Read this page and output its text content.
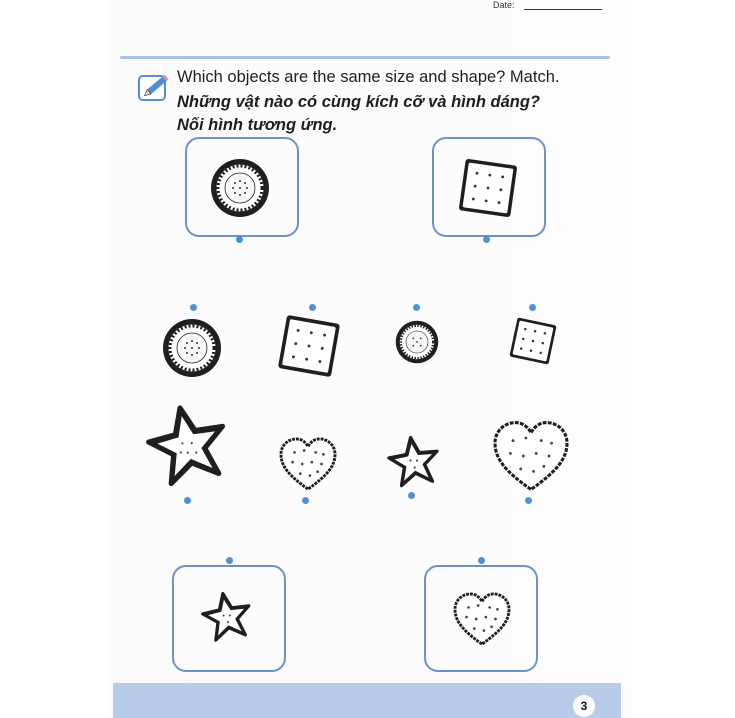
Date:
Which objects are the same size and shape? Match.
Những vật nào có cùng kích cỡ và hình dáng?
Nối hình tương ứng.
3
